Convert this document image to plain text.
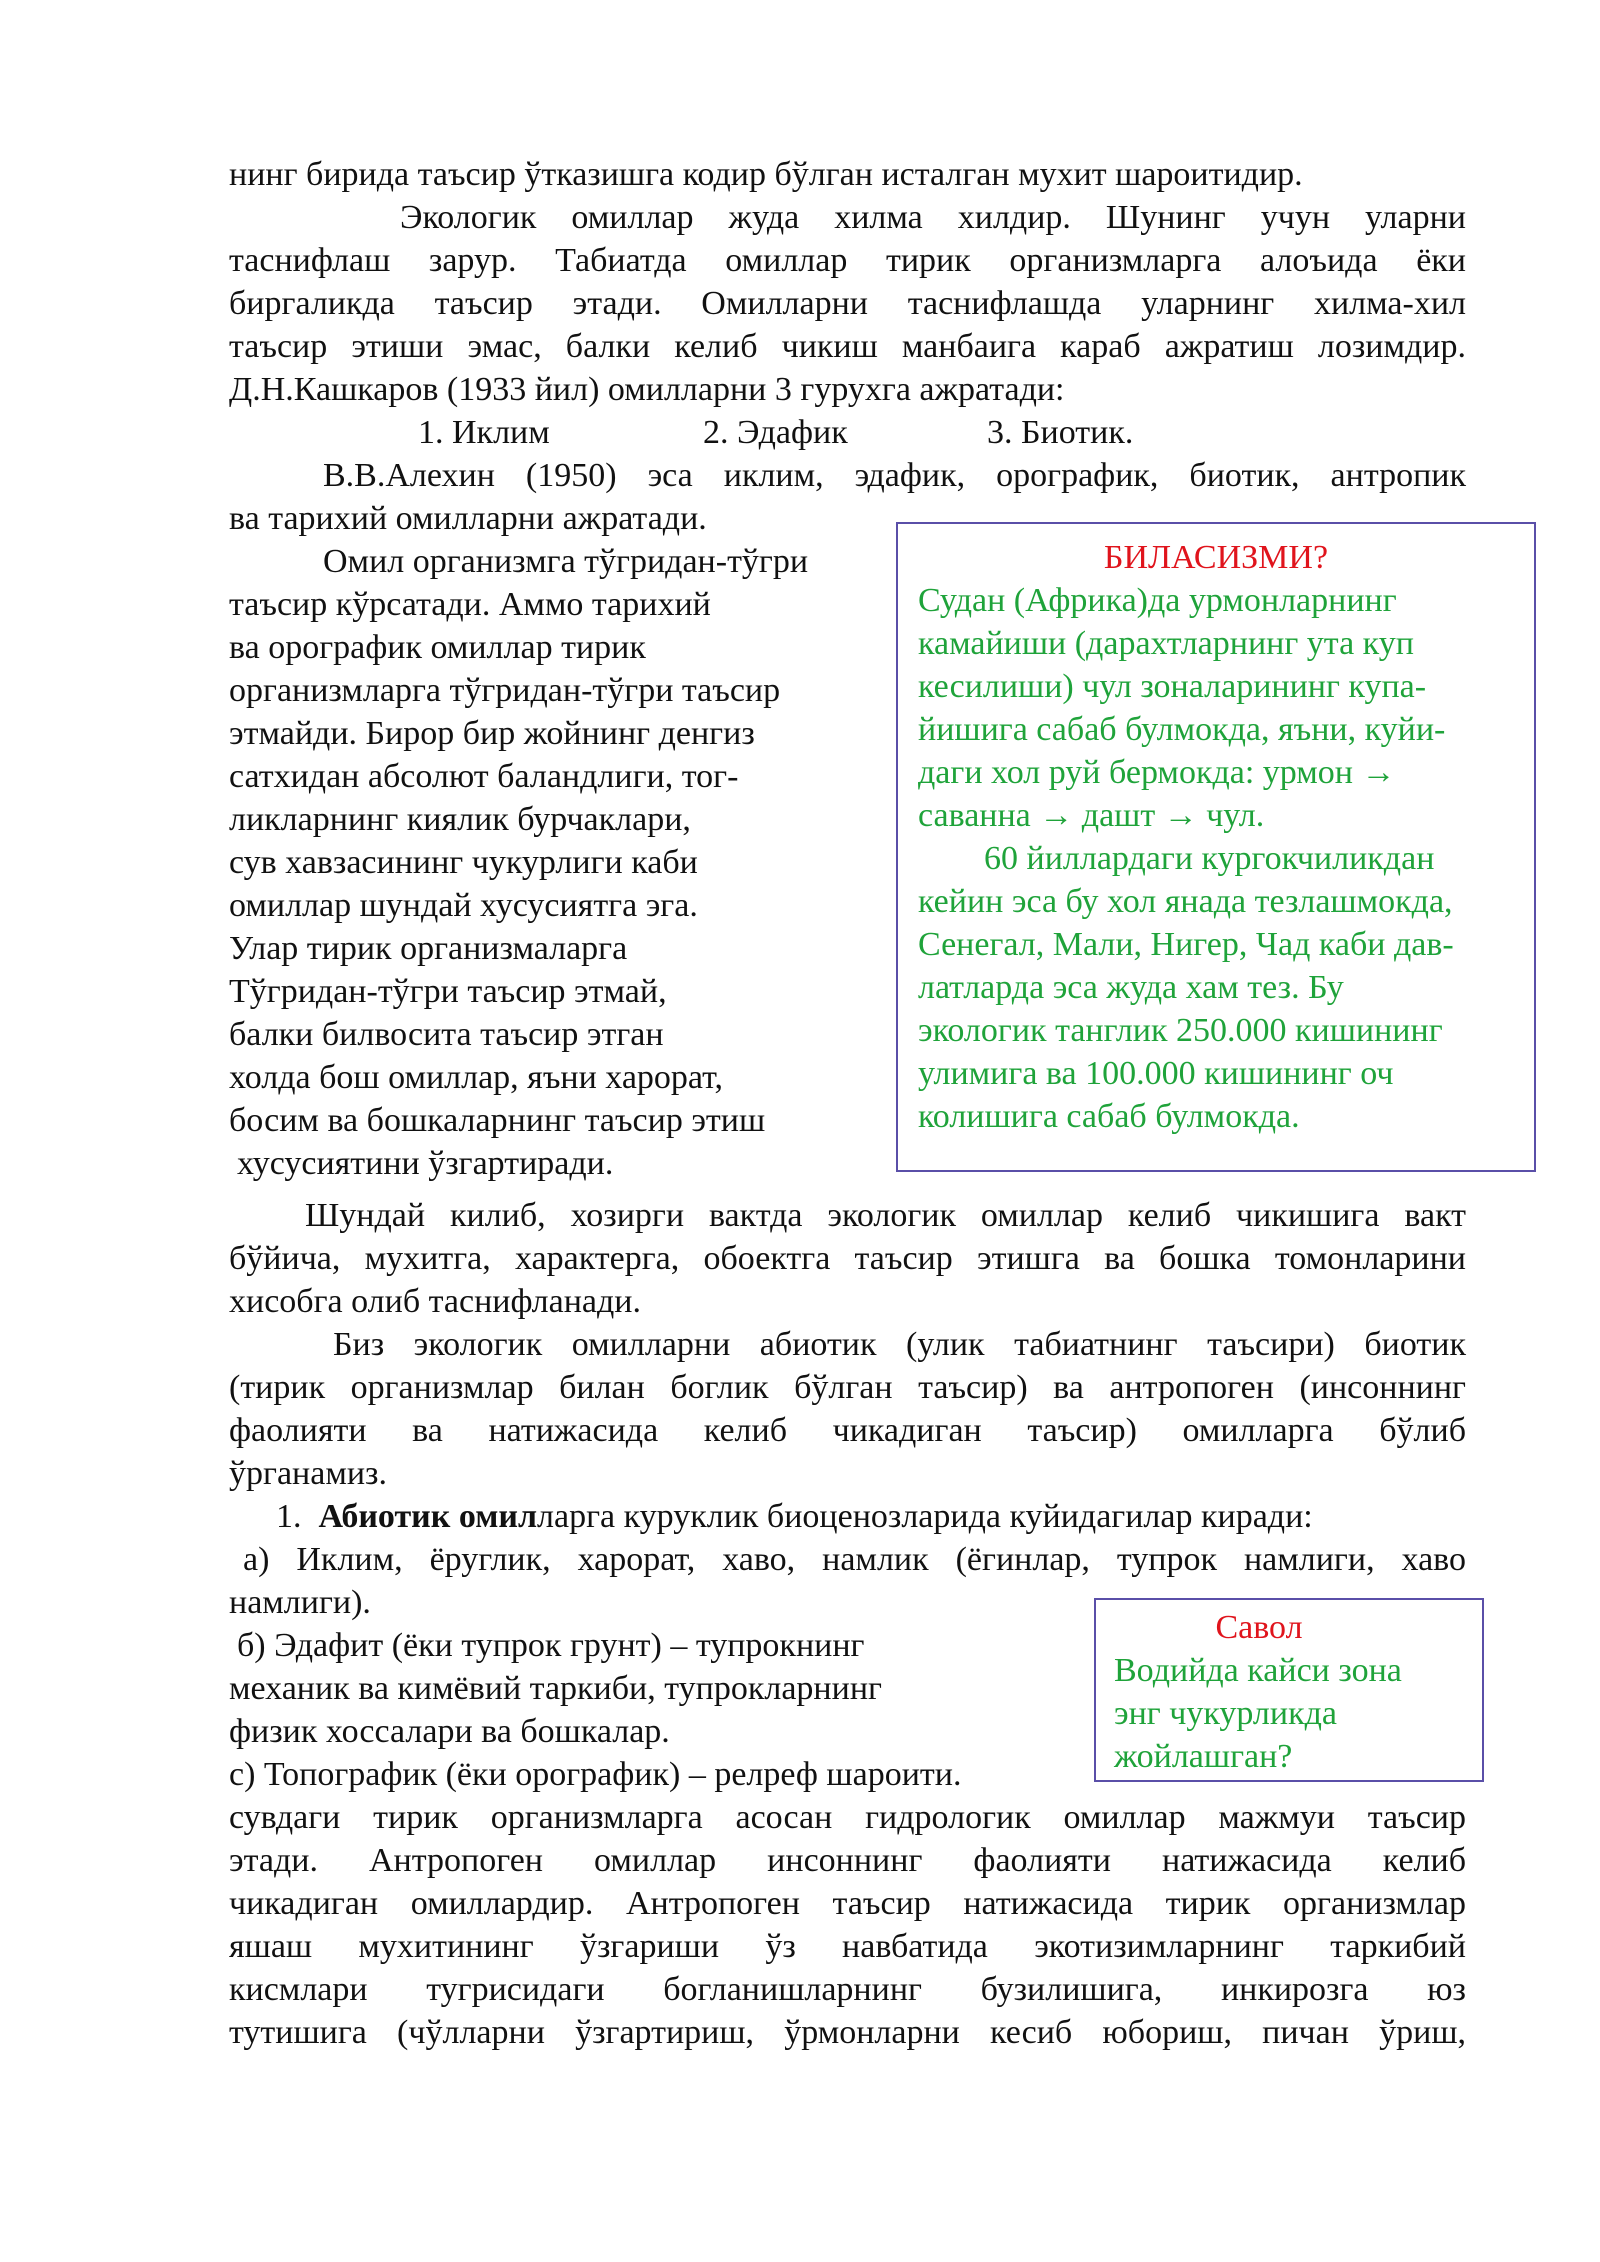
нинг бирида таъсир ўтказишга кодир бўлган исталган мухит шароитидир.
Экологик омиллар жуда хилма хилдир. Шунинг учун уларни
таснифлаш зарур. Табиатда омиллар тирик организмларга алоъида ёки
биргаликда таъсир этади. Омилларни таснифлашда уларнинг хилма-хил
таъсир этиши эмас, балки келиб чикиш манбаига караб ажратиш лозимдир.
Д.Н.Кашкаров (1933 йил) омилларни 3 гурухга ажратади:
1. Иклим	2. Эдафик	3. Биотик.
В.В.Алехин (1950) эса иклим, эдафик, орографик, биотик, антропик
ва тарихий омилларни ажратади.
Омил организмга тўгридан-тўгри
таъсир кўрсатади. Аммо тарихий
ва орографик омиллар тирик
организмларга тўгридан-тўгри таъсир
этмайди. Бирор бир жойнинг денгиз
сатхидан абсолют баландлиги, тог-
ликларнинг киялик бурчаклари,
сув хавзасининг чукурлиги каби
омиллар шундай хусусиятга эга.
Улар тирик организмаларга
Тўгридан-тўгри таъсир этмай,
балки билвосита таъсир этган
холда бош омиллар, яъни харорат,
босим ва бошкаларнинг таъсир этиш
хусусиятини ўзгартиради.
БИЛАСИЗМИ?
Судан (Африка)да урмонларнинг
камайиши (дарахтларнинг ута куп
кесилиши) чул зоналарининг купа-
йишига сабаб булмокда, яъни, куйи-
даги хол руй бермокда: урмон →
саванна → дашт → чул.
60 йиллардаги кургокчиликдан
кейин эса бу хол янада тезлашмокда,
Сенегал, Мали, Нигер, Чад каби дав-
латларда эса жуда хам тез. Бу
экологик танглик 250.000 кишининг
улимига ва 100.000 кишининг оч
колишига сабаб булмокда.
Шундай килиб, хозирги вактда экологик омиллар келиб чикишига вакт
бўйича, мухитга, характерга, обоектга таъсир этишга ва бошка томонларини
хисобга олиб таснифланади.
Биз экологик омилларни абиотик (улик табиатнинг таъсири) биотик
(тирик организмлар билан боглик бўлган таъсир) ва антропоген (инсоннинг
фаолияти ва натижасида келиб чикадиган таъсир) омилларга бўлиб
ўрганамиз.
1. Абиотик омилларга куруклик биоценозларида куйидагилар киради:
а) Иклим, ёруглик, харорат, хаво, намлик (ёгинлар, тупрок намлиги, хаво
намлиги).
б) Эдафит (ёки тупрок грунт) – тупрокнинг
механик ва кимёвий таркиби, тупрокларнинг
физик хоссалари ва бошкалар.
с) Топографик (ёки орографик) – релреф шароити.
Савол
Водийда кайси зона
энг чукурликда
жойлашган?
сувдаги тирик организмларга асосан гидрологик омиллар мажмуи таъсир
этади. Антропоген омиллар инсоннинг фаолияти натижасида келиб
чикадиган омиллардир. Антропоген таъсир натижасида тирик организмлар
яшаш мухитининг ўзгариши ўз навбатида экотизимларнинг таркибий
кисмлари тугрисидаги богланишларнинг бузилишига, инкирозга юз
тутишига (чўлларни ўзгартириш, ўрмонларни кесиб юбориш, пичан ўриш,
